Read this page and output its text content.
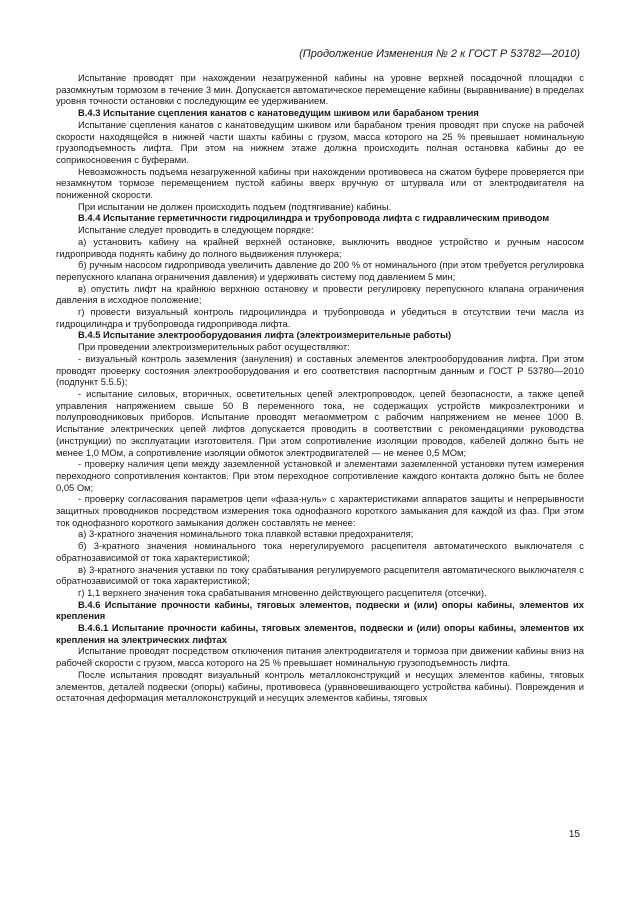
(Продолжение Изменения № 2 к ГОСТ Р 53782—2010)

Испытание проводят при нахождении незагруженной кабины на уровне верхней посадочной площадки с разомкнутым тормозом в течение 3 мин. Допускается автоматическое перемещение кабины (выравнивание) в пределах уровня точности остановки с последующим ее удерживанием.

В.4.3 Испытание сцепления канатов с канатоведущим шкивом или барабаном трения

Испытание сцепления канатов с канатоведущим шкивом или барабаном трения проводят при спуске на рабочей скорости находящейся в нижней части шахты кабины с грузом, масса которого на 25 % превышает номинальную грузоподъемность лифта. При этом на нижнем этаже должна происходить полная остановка кабины до ее соприкосновения с буферами.

Невозможность подъема незагруженной кабины при нахождении противовеса на сжатом буфере проверяется при незамкнутом тормозе перемещением пустой кабины вверх вручную от штурвала или от электродвигателя на пониженной скорости.

При испытании не должен происходить подъем (подтягивание) кабины.

В.4.4 Испытание герметичности гидроцилиндра и трубопровода лифта с гидравлическим приводом

Испытание следует проводить в следующем порядке:

а) установить кабину на крайней верхней остановке, выключить вводное устройство и ручным насосом гидропривода поднять кабину до полного выдвижения плунжера;

б) ручным насосом гидропривода увеличить давление до 200 % от номинального (при этом требуется регулировка перепускного клапана ограничения давления) и удерживать систему под давлением 5 мин;

в) опустить лифт на крайнюю верхнюю остановку и провести регулировку перепускного клапана ограничения давления в исходное положение;

г) провести визуальный контроль гидроцилиндра и трубопровода и убедиться в отсутствии течи масла из гидроцилиндра и трубопровода гидропривода лифта.

В.4.5 Испытание электрооборудования лифта (электроизмерительные работы)

При проведении электроизмерительных работ осуществляют:

- визуальный контроль заземления (зануления) и составных элементов электрооборудования лифта. При этом проводят проверку состояния электрооборудования и его соответствия паспортным данным и ГОСТ Р 53780—2010 (подпункт 5.5.5);

- испытание силовых, вторичных, осветительных цепей электропроводок, цепей безопасности, а также цепей управления напряжением свыше 50 В переменного тока, не содержащих устройств микроэлектроники и полупроводниковых приборов. Испытание проводят мегаомметром с рабочим напряжением не менее 1000 В. Испытание электрических цепей лифтов допускается проводить в соответствии с рекомендациями руководства (инструкции) по эксплуатации изготовителя. При этом сопротивление изоляции проводов, кабелей должно быть не менее 1,0 МОм, а сопротивление изоляции обмоток электродвигателей — не менее 0,5 МОм;

- проверку наличия цепи между заземленной установкой и элементами заземленной установки путем измерения переходного сопротивления контактов. При этом переходное сопротивление каждого контакта должно быть не более 0,05 Ом;

- проверку согласования параметров цепи «фаза-нуль» с характеристиками аппаратов защиты и непрерывности защитных проводников посредством измерения тока однофазного короткого замыкания для каждой из фаз. При этом ток однофазного короткого замыкания должен составлять не менее:

а) 3-кратного значения номинального тока плавкой вставки предохранителя;

б) 3-кратного значения номинального тока нерегулируемого расцепителя автоматического выключателя с обратнозависимой от тока характеристикой;

в) 3-кратного значения уставки по току срабатывания регулируемого расцепителя автоматического выключателя с обратнозависимой от тока характеристикой;

г) 1,1 верхнего значения тока срабатывания мгновенно действующего расцепителя (отсечки).

В.4.6 Испытание прочности кабины, тяговых элементов, подвески и (или) опоры кабины, элементов их крепления

В.4.6.1 Испытание прочности кабины, тяговых элементов, подвески и (или) опоры кабины, элементов их крепления на электрических лифтах

Испытание проводят посредством отключения питания электродвигателя и тормоза при движении кабины вниз на рабочей скорости с грузом, масса которого на 25 % превышает номинальную грузоподъемность лифта.

После испытания проводят визуальный контроль металлоконструкций и несущих элементов кабины, тяговых элементов, деталей подвески (опоры) кабины, противовеса (уравновешивающего устройства кабины). Повреждения и остаточная деформация металлоконструкций и несущих элементов кабины, тяговых

15
